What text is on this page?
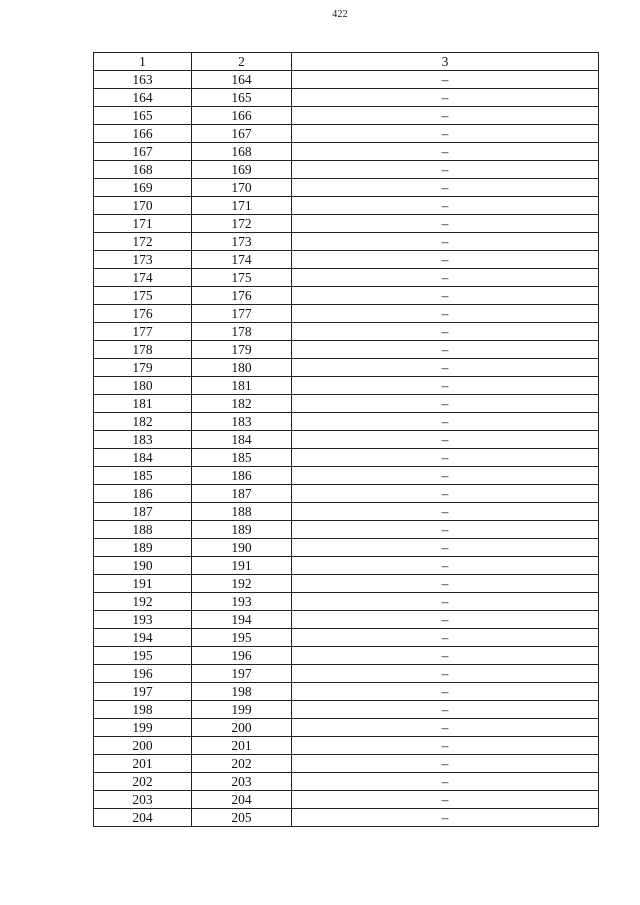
422
1	2	3
163	164	–
164	165	–
165	166	–
166	167	–
167	168	–
168	169	–
169	170	–
170	171	–
171	172	–
172	173	–
173	174	–
174	175	–
175	176	–
176	177	–
177	178	–
178	179	–
179	180	–
180	181	–
181	182	–
182	183	–
183	184	–
184	185	–
185	186	–
186	187	–
187	188	–
188	189	–
189	190	–
190	191	–
191	192	–
192	193	–
193	194	–
194	195	–
195	196	–
196	197	–
197	198	–
198	199	–
199	200	–
200	201	–
201	202	–
202	203	–
203	204	–
204	205	–
